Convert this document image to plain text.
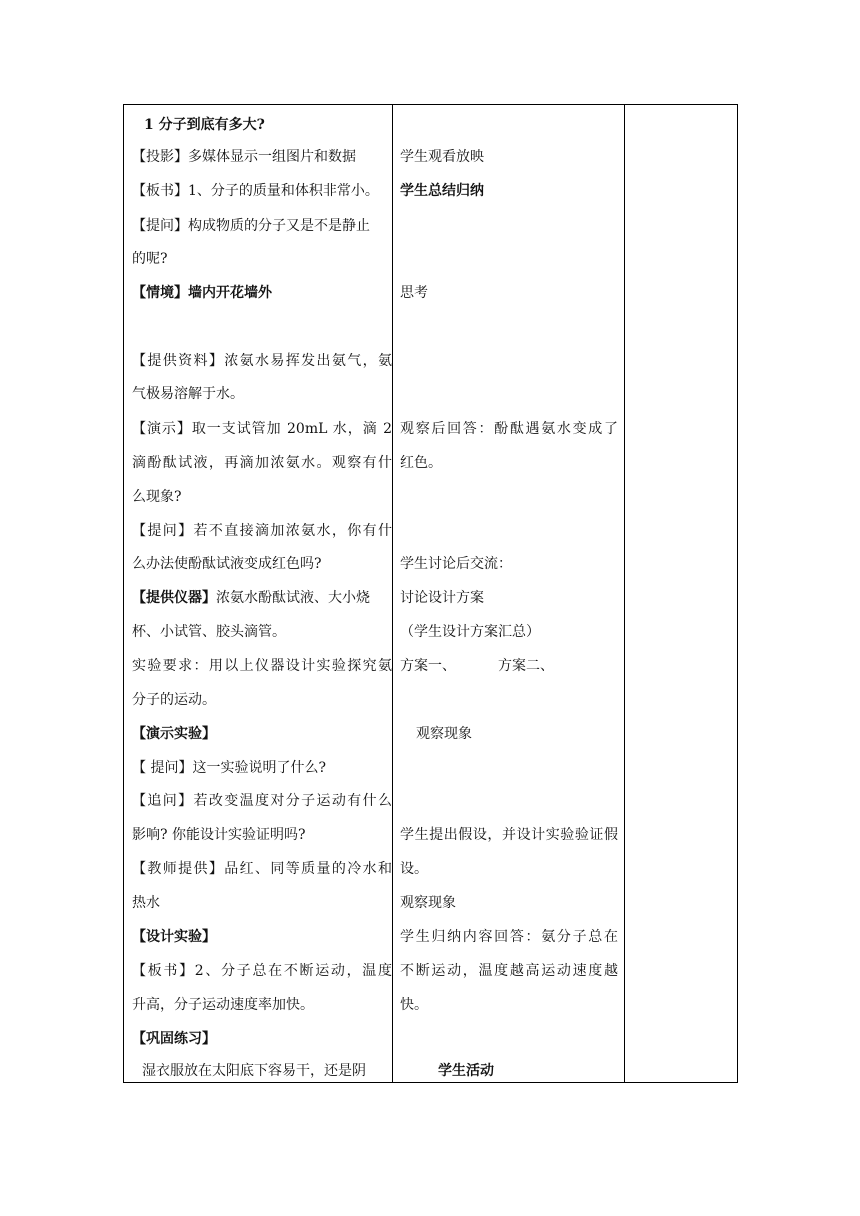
1 分子到底有多大?
【投影】多媒体显示一组图片和数据
【板书】1、分子的质量和体积非常小。
【提问】构成物质的分子又是不是静止
的呢?
【情境】墙内开花墙外
【提供资料】浓氨水易挥发出氨气，氨
气极易溶解于水。
【演示】取一支试管加 20mL 水，滴 2
滴酚酞试液，再滴加浓氨水。观察有什
么现象?
【提问】若不直接滴加浓氨水，你有什
么办法使酚酞试液变成红色吗?
【提供仪器】浓氨水酚酞试液、大小烧
杯、小试管、胶头滴管。
实验要求：用以上仪器设计实验探究氨
分子的运动。
【演示实验】
【 提问】这一实验说明了什么?
【追问】若改变温度对分子运动有什么
影响? 你能设计实验证明吗?
【教师提供】品红、同等质量的冷水和
热水
【设计实验】
【板书】2、分子总在不断运动，温度
升高，分子运动速度率加快。
【巩固练习】
湿衣服放在太阳底下容易干，还是阴
学生观看放映
学生总结归纳
思考
观察后回答：酚酞遇氨水变成了
红色。
学生讨论后交流：
讨论设计方案
（学生设计方案汇总）
方案一、	方案二、
观察现象
学生提出假设，并设计实验验证假
设。
观察现象
学生归纳内容回答：氨分子总在
不断运动，温度越高运动速度越
快。
学生活动
